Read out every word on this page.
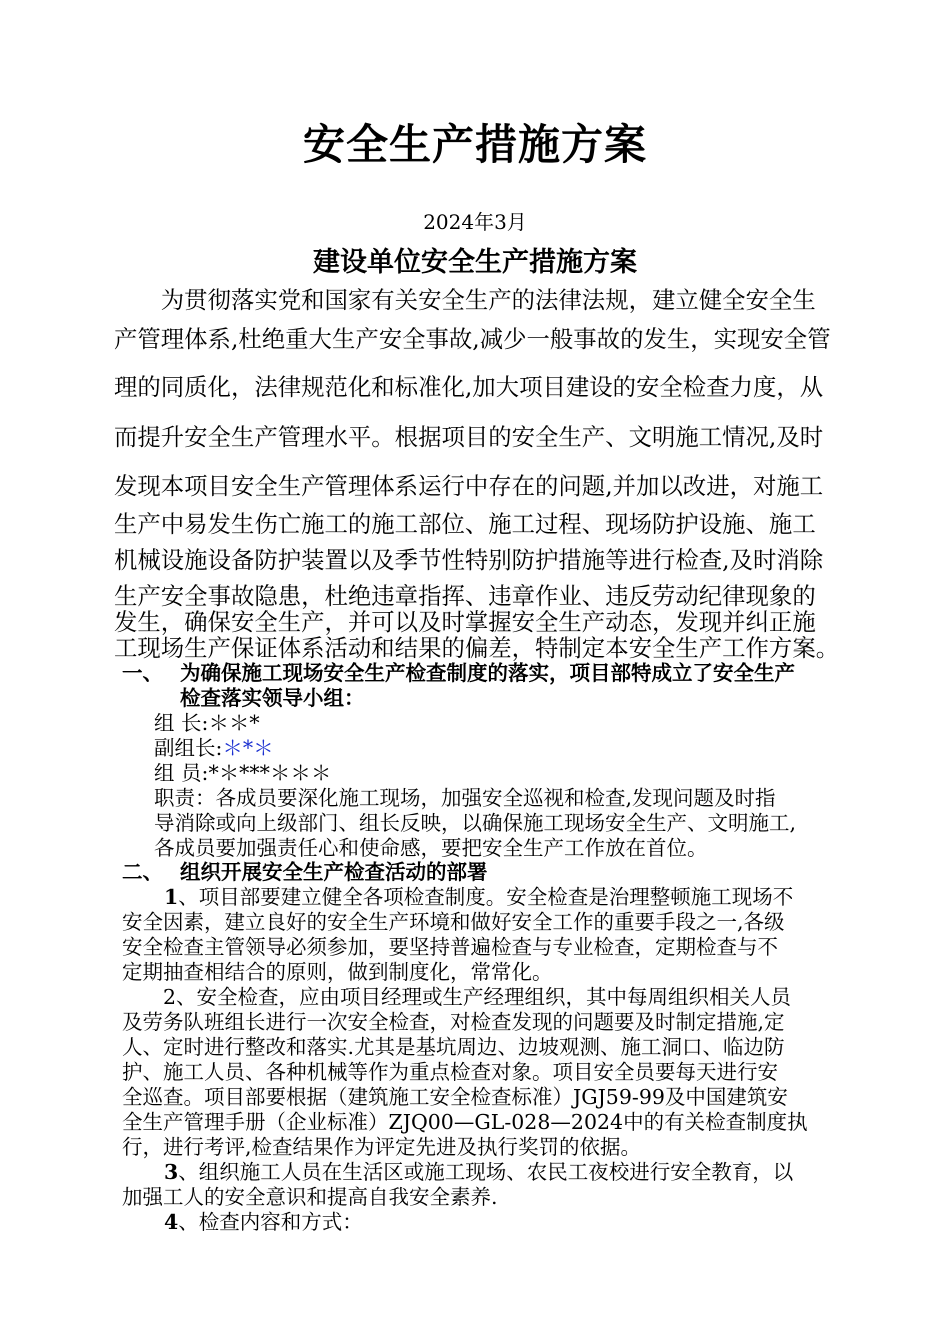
安全生产措施方案
2024年3月
建设单位安全生产措施方案
　　为贯彻落实党和国家有关安全生产的法律法规，建立健全安全生
产管理体系,杜绝重大生产安全事故,减少一般事故的发生，实现安全管
理的同质化，法律规范化和标准化,加大项目建设的安全检查力度，从
而提升安全生产管理水平。根据项目的安全生产、文明施工情况,及时
发现本项目安全生产管理体系运行中存在的问题,并加以改进，对施工
生产中易发生伤亡施工的施工部位、施工过程、现场防护设施、施工
机械设施设备防护装置以及季节性特别防护措施等进行检查,及时消除
生产安全事故隐患，杜绝违章指挥、违章作业、违反劳动纪律现象的
发生，确保安全生产，并可以及时掌握安全生产动态，发现并纠正施
工现场生产保证体系活动和结果的偏差，特制定本安全生产工作方案。
一、 为确保施工现场安全生产检查制度的落实，项目部特成立了安全生产
检查落实领导小组：
组 长:＊＊*
副组长:＊*＊
组 员:*＊***＊＊＊
职责：各成员要深化施工现场，加强安全巡视和检查,发现问题及时指
导消除或向上级部门、组长反映，以确保施工现场安全生产、文明施工,
各成员要加强责任心和使命感，要把安全生产工作放在首位。
二、 组织开展安全生产检查活动的部署
1、项目部要建立健全各项检查制度。安全检查是治理整顿施工现场不
安全因素，建立良好的安全生产环境和做好安全工作的重要手段之一,各级
安全检查主管领导必须参加，要坚持普遍检查与专业检查，定期检查与不
定期抽查相结合的原则，做到制度化，常常化。
　　2、安全检查，应由项目经理或生产经理组织，其中每周组织相关人员
及劳务队班组长进行一次安全检查，对检查发现的问题要及时制定措施,定
人、定时进行整改和落实.尤其是基坑周边、边坡观测、施工洞口、临边防
护、施工人员、各种机械等作为重点检查对象。项目安全员要每天进行安
全巡查。项目部要根据（建筑施工安全检查标准）JGJ59-99及中国建筑安
全生产管理手册（企业标准）ZJQ00—GL-028—2024中的有关检查制度执
行，进行考评,检查结果作为评定先进及执行奖罚的依据。
3、组织施工人员在生活区或施工现场、农民工夜校进行安全教育，以
加强工人的安全意识和提高自我安全素养.
4、检查内容和方式：
